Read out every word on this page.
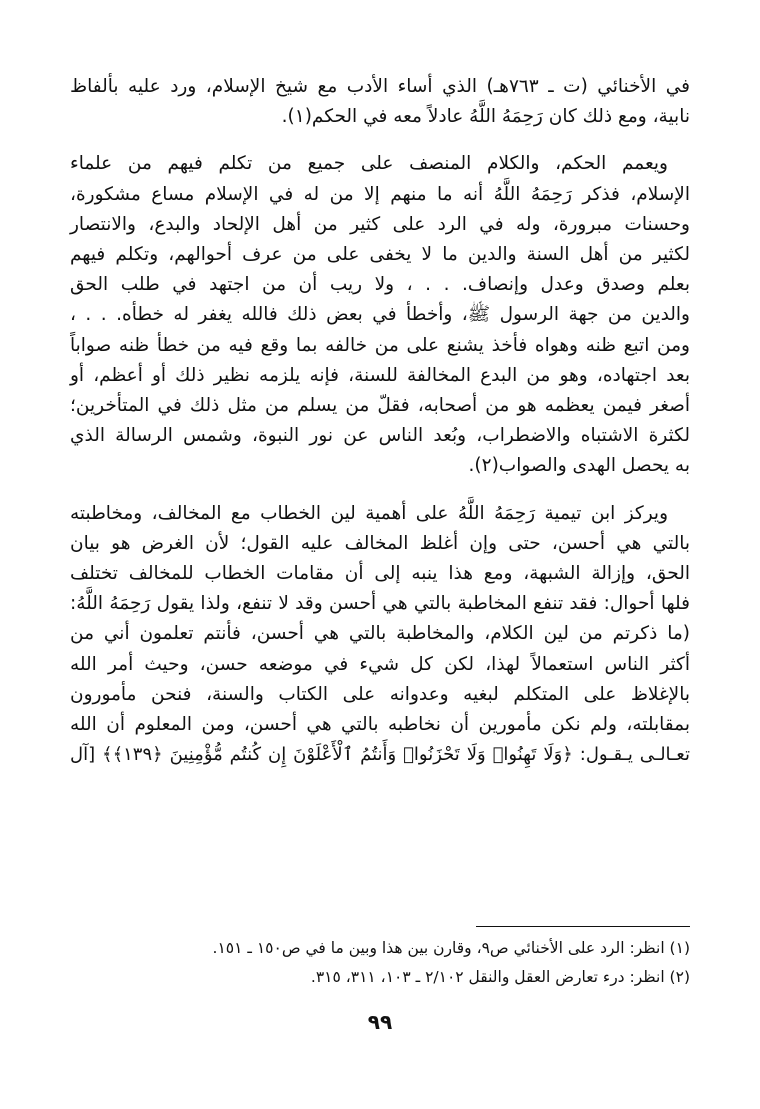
في الأخنائي (ت ـ ٧٦٣هـ) الذي أساء الأدب مع شيخ الإسلام، ورد عليه بألفاظ
نابية، ومع ذلك كان رَحِمَهُ اللَّهُ عادلاً معه في الحكم(١).
ويعمم الحكم، والكلام المنصف على جميع من تكلم فيهم من علماء
الإسلام، فذكر رَحِمَهُ اللَّهُ أنه ما منهم إلا من له في الإسلام مساع مشكورة،
وحسنات مبرورة، وله في الرد على كثير من أهل الإلحاد والبدع، والانتصار
لكثير من أهل السنة والدين ما لا يخفى على من عرف أحوالهم، وتكلم فيهم
بعلم وصدق وعدل وإنصاف. . . ، ولا ريب أن من اجتهد في طلب الحق
والدين من جهة الرسول ﷺ، وأخطأ في بعض ذلك فالله يغفر له خطأه. . . ،
ومن اتبع ظنه وهواه فأخذ يشنع على من خالفه بما وقع فيه من خطأ ظنه صواباً
بعد اجتهاده، وهو من البدع المخالفة للسنة، فإنه يلزمه نظير ذلك أو أعظم، أو
أصغر فيمن يعظمه هو من أصحابه، فقلّ من يسلم من مثل ذلك في المتأخرين؛
لكثرة الاشتباه والاضطراب، وبُعد الناس عن نور النبوة، وشمس الرسالة الذي
به يحصل الهدى والصواب(٢).
ويركز ابن تيمية رَحِمَهُ اللَّهُ على أهمية لين الخطاب مع المخالف، ومخاطبته
بالتي هي أحسن، حتى وإن أغلظ المخالف عليه القول؛ لأن الغرض هو بيان
الحق، وإزالة الشبهة، ومع هذا ينبه إلى أن مقامات الخطاب للمخالف تختلف
فلها أحوال: فقد تنفع المخاطبة بالتي هي أحسن وقد لا تنفع، ولذا يقول رَحِمَهُ اللَّهُ:
(ما ذكرتم من لين الكلام، والمخاطبة بالتي هي أحسن، فأنتم تعلمون أني من
أكثر الناس استعمالاً لهذا، لكن كل شيء في موضعه حسن، وحيث أمر الله
بالإغلاظ على المتكلم لبغيه وعدوانه على الكتاب والسنة، فنحن مأمورون
بمقابلته، ولم نكن مأمورين أن نخاطبه بالتي هي أحسن، ومن المعلوم أن الله
تعـالـى يـقـول: ﴿وَلَا تَهِنُوا۟ وَلَا تَحْزَنُوا۟ وَأَنتُمُ ٱلْأَعْلَوْنَ إِن كُنتُم مُّؤْمِنِينَ ﴿١٣٩﴾﴾ [آل
(١) انظر: الرد على الأخنائي ص٩، وقارن بين هذا وبين ما في ص١٥٠ ـ ١٥١.
(٢) انظر: درء تعارض العقل والنقل ٢/١٠٢ ـ ١٠٣، ٣١١، ٣١٥.
٩٩
